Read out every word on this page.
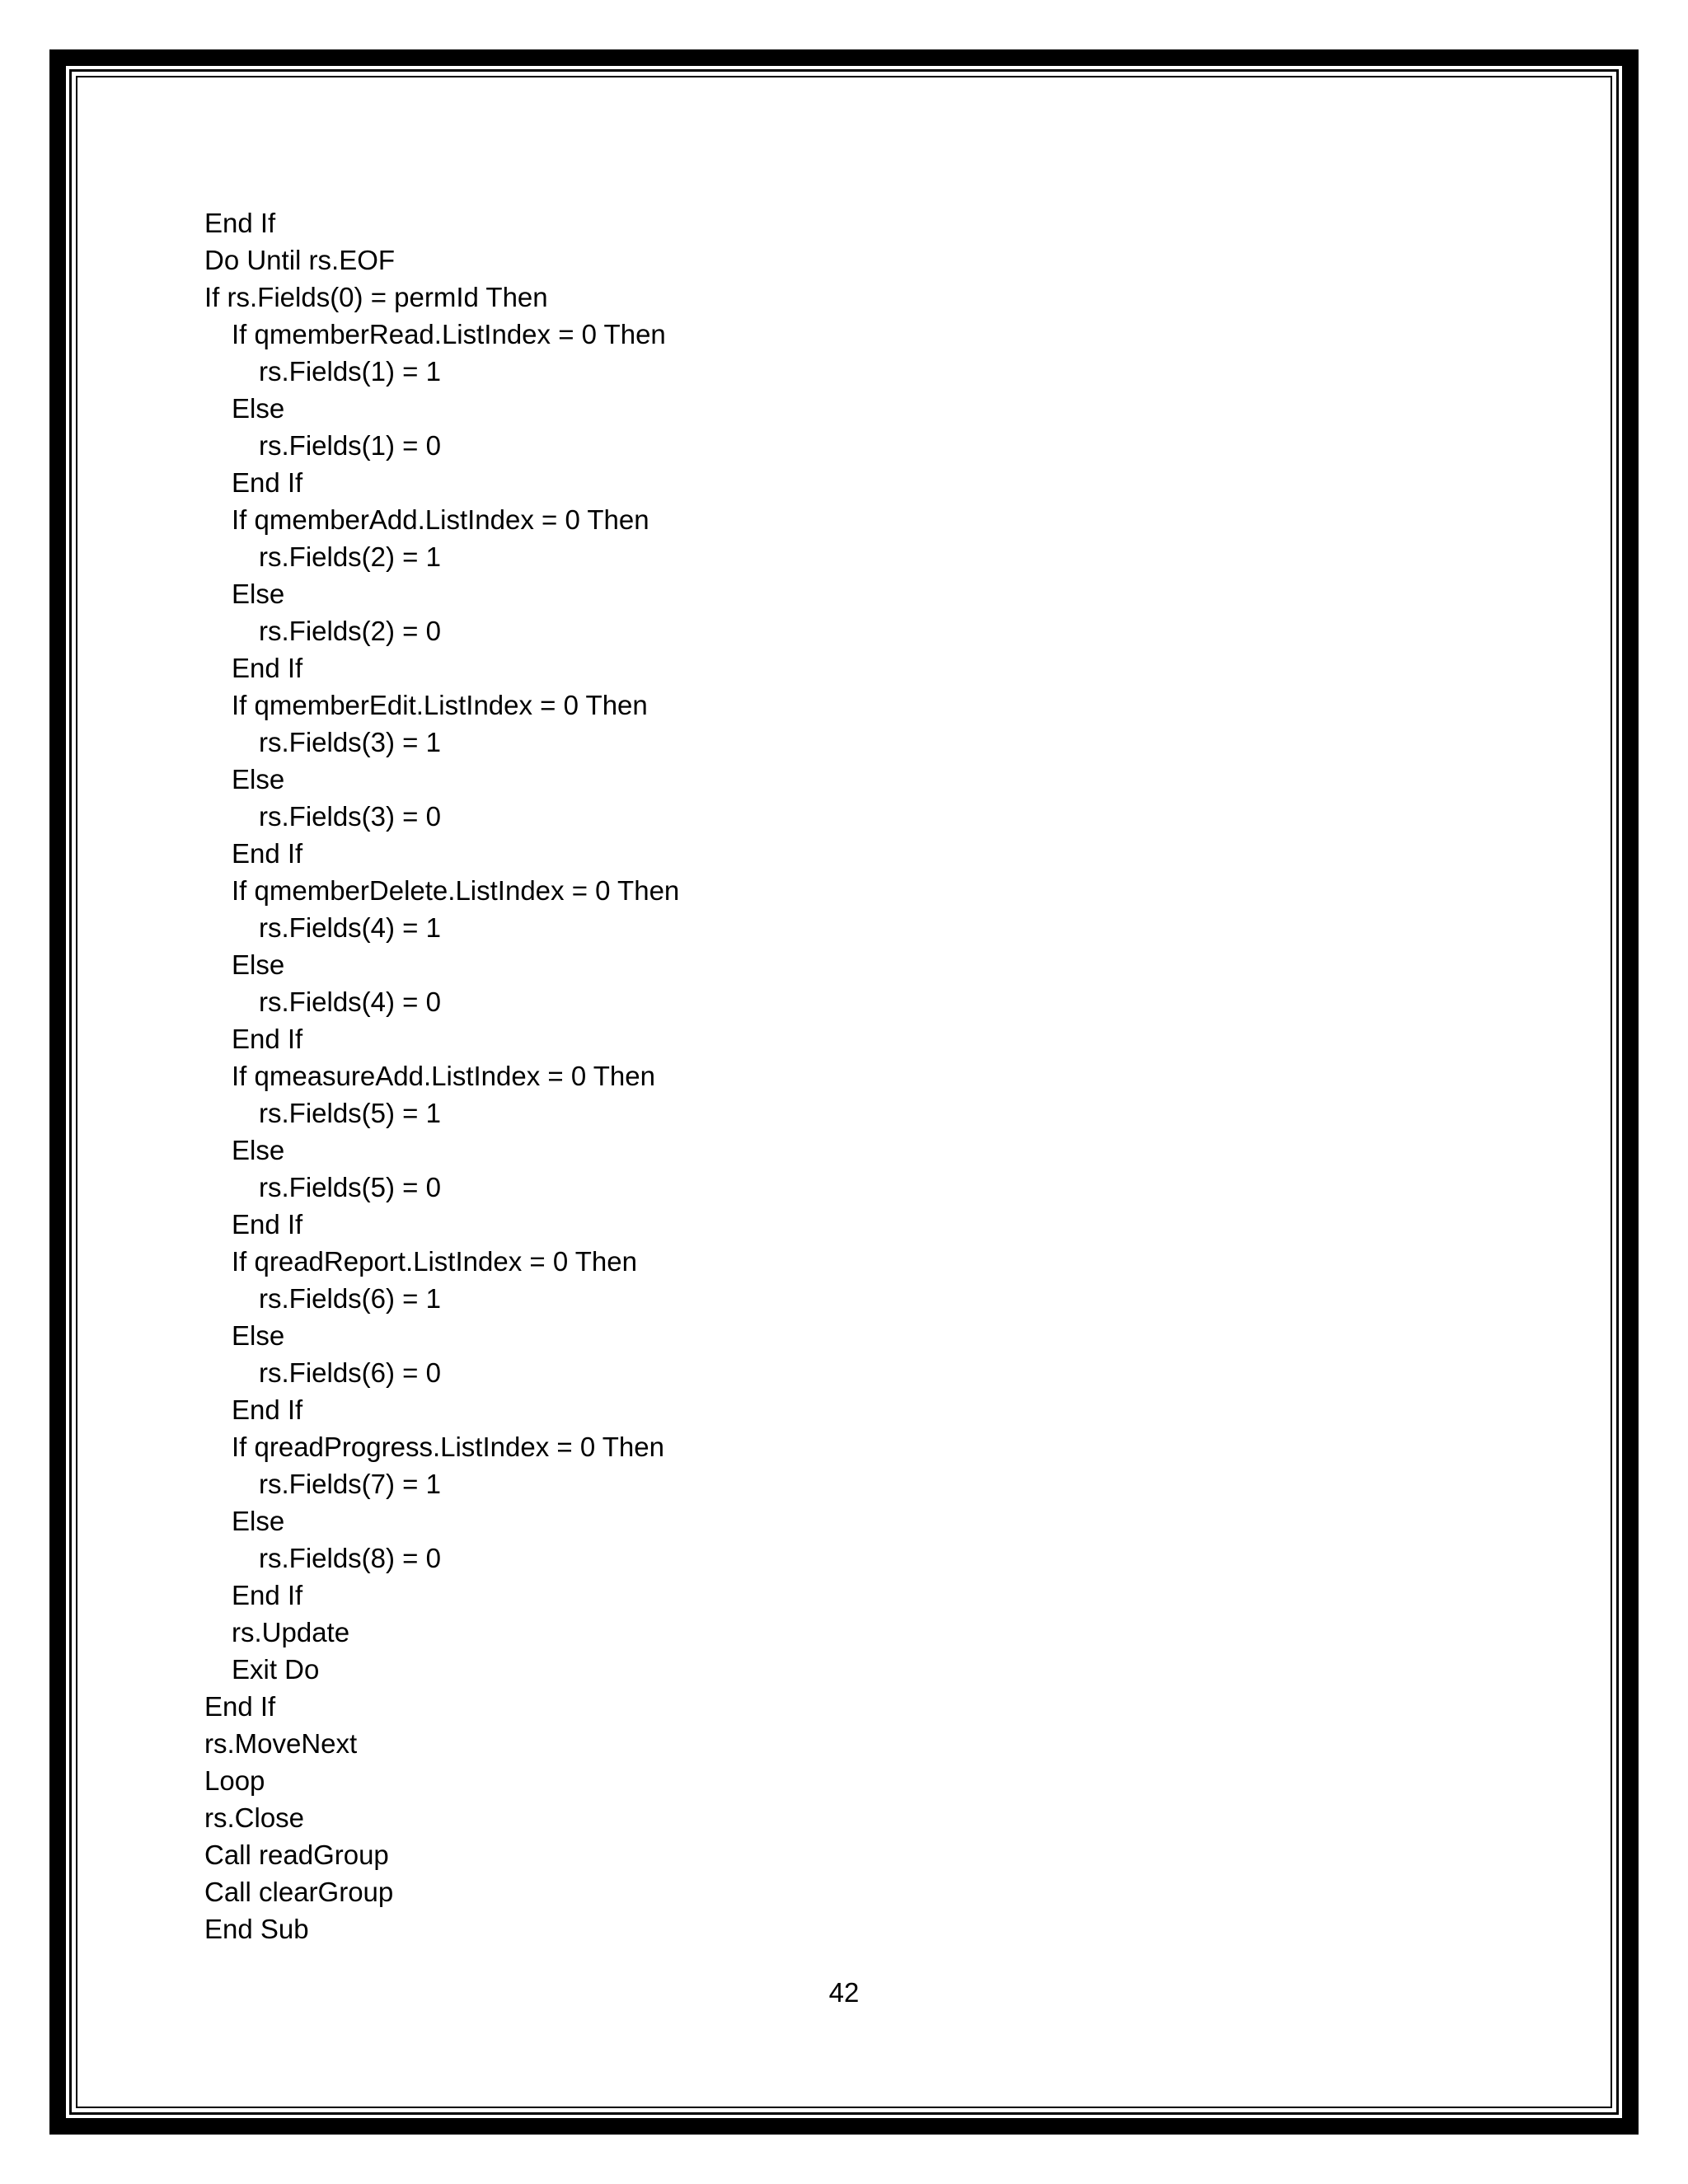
End If
Do Until rs.EOF
If rs.Fields(0) = permId Then
If qmemberRead.ListIndex = 0 Then
rs.Fields(1) = 1
Else
rs.Fields(1) = 0
End If
If qmemberAdd.ListIndex = 0 Then
rs.Fields(2) = 1
Else
rs.Fields(2) = 0
End If
If qmemberEdit.ListIndex = 0 Then
rs.Fields(3) = 1
Else
rs.Fields(3) = 0
End If
If qmemberDelete.ListIndex = 0 Then
rs.Fields(4) = 1
Else
rs.Fields(4) = 0
End If
If qmeasureAdd.ListIndex = 0 Then
rs.Fields(5) = 1
Else
rs.Fields(5) = 0
End If
If qreadReport.ListIndex = 0 Then
rs.Fields(6) = 1
Else
rs.Fields(6) = 0
End If
If qreadProgress.ListIndex = 0 Then
rs.Fields(7) = 1
Else
rs.Fields(8) = 0
End If
rs.Update
Exit Do
End If
rs.MoveNext
Loop
rs.Close
Call readGroup
Call clearGroup
End Sub
42
